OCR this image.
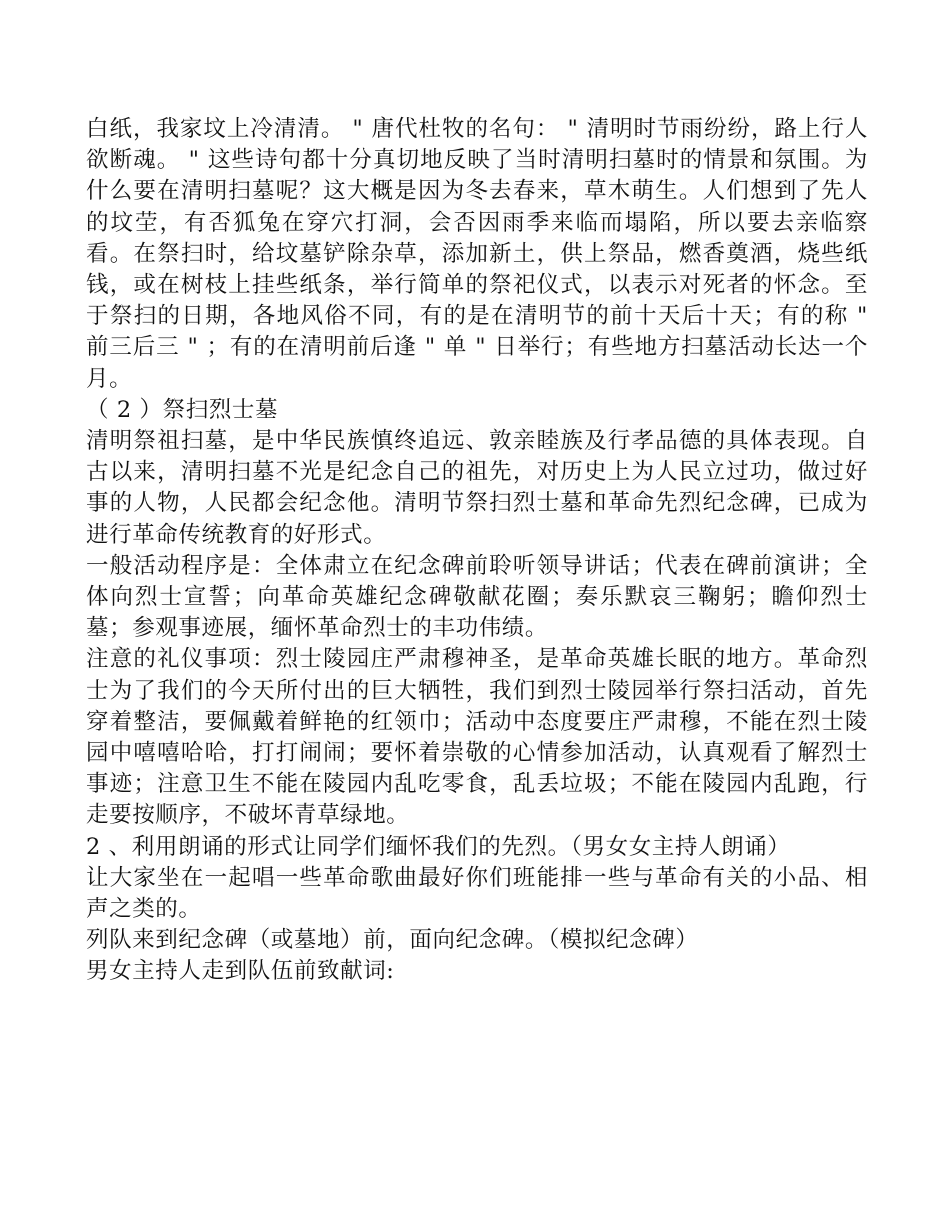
白纸，我家坟上冷清清。 " 唐代杜牧的名句： " 清明时节雨纷纷，路上行人欲断魂。 " 这些诗句都十分真切地反映了当时清明扫墓时的情景和氛围。为什么要在清明扫墓呢？这大概是因为冬去春来，草木萌生。人们想到了先人的坟茔，有否狐兔在穿穴打洞，会否因雨季来临而塌陷，所以要去亲临察看。在祭扫时，给坟墓铲除杂草，添加新土，供上祭品，燃香奠酒，烧些纸钱，或在树枝上挂些纸条，举行简单的祭祀仪式，以表示对死者的怀念。至于祭扫的日期，各地风俗不同，有的是在清明节的前十天后十天；有的称 " 前三后三 " ；有的在清明前后逢 " 单 " 日举行；有些地方扫墓活动长达一个月。

（ 2 ）祭扫烈士墓

清明祭祖扫墓，是中华民族慎终追远、敦亲睦族及行孝品德的具体表现。自古以来，清明扫墓不光是纪念自己的祖先，对历史上为人民立过功，做过好事的人物，人民都会纪念他。清明节祭扫烈士墓和革命先烈纪念碑，已成为进行革命传统教育的好形式。

一般活动程序是：全体肃立在纪念碑前聆听领导讲话；代表在碑前演讲；全体向烈士宣誓；向革命英雄纪念碑敬献花圈；奏乐默哀三鞠躬；瞻仰烈士墓；参观事迹展，缅怀革命烈士的丰功伟绩。

注意的礼仪事项：烈士陵园庄严肃穆神圣，是革命英雄长眠的地方。革命烈士为了我们的今天所付出的巨大牺牲，我们到烈士陵园举行祭扫活动，首先穿着整洁，要佩戴着鲜艳的红领巾；活动中态度要庄严肃穆，不能在烈士陵园中嘻嘻哈哈，打打闹闹；要怀着崇敬的心情参加活动，认真观看了解烈士事迹；注意卫生不能在陵园内乱吃零食，乱丢垃圾；不能在陵园内乱跑，行走要按顺序，不破坏青草绿地。

2 、利用朗诵的形式让同学们缅怀我们的先烈。（男女女主持人朗诵）

让大家坐在一起唱一些革命歌曲最好你们班能排一些与革命有关的小品、相声之类的。

列队来到纪念碑（或墓地）前，面向纪念碑。（模拟纪念碑）

男女主持人走到队伍前致献词:
